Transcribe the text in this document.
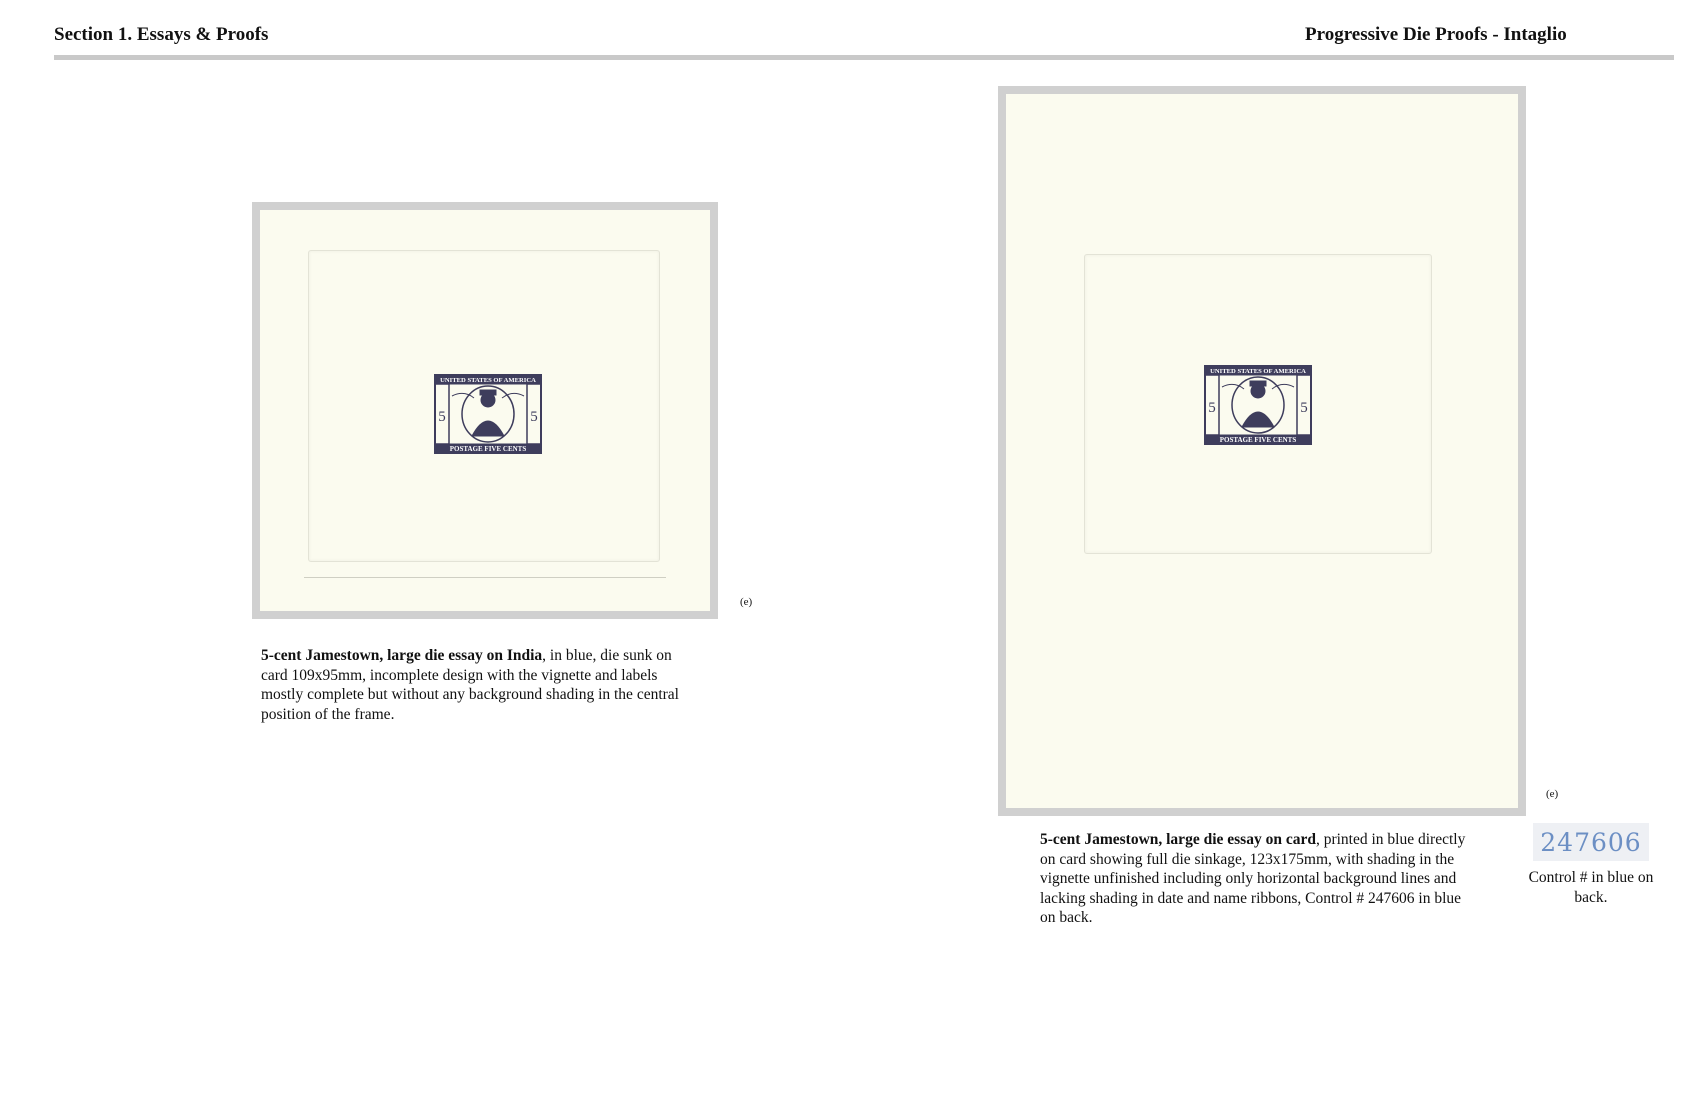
Section 1. Essays & Proofs	Progressive Die Proofs - Intaglio
UNITED STATES OF AMERICA
POSTAGE FIVE CENTS
5	5
(e)
5-cent Jamestown, large die essay on India, in blue, die sunk on card 109x95mm, incomplete design with the vignette and labels mostly complete but without any background shading in the central position of the frame.
UNITED STATES OF AMERICA
POSTAGE FIVE CENTS
5	5
(e)
5-cent Jamestown, large die essay on card, printed in blue directly on card showing full die sinkage, 123x175mm, with shading in the vignette unfinished including only horizontal background lines and lacking shading in date and name ribbons, Control # 247606 in blue on back.
247606
Control # in blue on back.
